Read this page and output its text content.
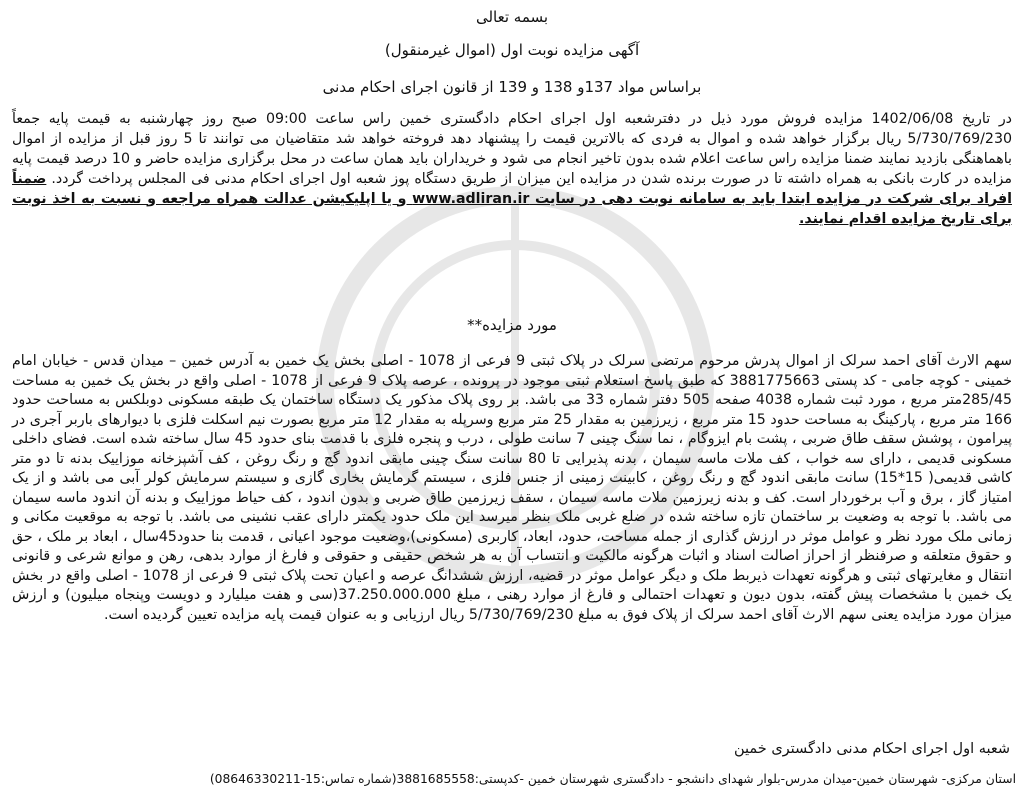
بسمه تعالی
آگهی مزایده نوبت اول (اموال غیرمنقول)
براساس مواد 137و 138 و 139 از قانون اجرای احکام مدنی
در تاریخ 1402/06/08 مزایده فروش مورد ذیل در دفترشعبه اول اجرای احکام دادگستری خمین راس ساعت 09:00 صبح روز چهارشنبه به قیمت پایه جمعاً 5/730/769/230 ریال برگزار خواهد شده و اموال به فردی که بالاترین قیمت را پیشنهاد دهد فروخته خواهد شد متقاضیان می توانند تا 5 روز قبل از مزایده از اموال باهماهنگی بازدید نمایند ضمنا مزایده راس ساعت اعلام شده بدون تاخیر انجام می شود و خریداران باید همان ساعت در محل برگزاری مزایده حاضر و 10 درصد قیمت پایه مزایده در کارت بانکی به همراه داشته تا در صورت برنده شدن در مزایده این میزان از طریق دستگاه پوز شعبه اول اجرای احکام مدنی فی المجلس پرداخت گردد. ضمناً افراد برای شرکت در مزایده ابتدا باید به سامانه نوبت دهی در سایت www.adliran.ir و یا اپلیکیشن عدالت همراه مراجعه و نسبت به اخذ نوبت برای تاریخ مزایده اقدام نمایند.
مورد مزایده**
سهم الارث آقای احمد سرلک از اموال پدرش مرحوم مرتضی سرلک در پلاک ثبتی 9 فرعی از 1078 - اصلی بخش یک خمین به آدرس خمین – میدان قدس - خیابان امام خمینی - کوچه جامی - کد پستی 3881775663 که طبق پاسخ استعلام ثبتی موجود در پرونده ، عرصه پلاک 9 فرعی از 1078 - اصلی واقع در بخش یک خمین به مساحت 285/45متر مربع ، مورد ثبت شماره 4038 صفحه 505 دفتر شماره 33 می باشد. بر روی پلاک مذکور یک دستگاه ساختمان یک طبقه مسکونی دوبلکس به مساحت حدود 166 متر مربع ، پارکینگ به مساحت حدود 15 متر مربع ، زیرزمین به مقدار 25 متر مربع وسرپله به مقدار 12 متر مربع بصورت نیم اسکلت فلزی با دیوارهای باربر آجری در پیرامون ، پوشش سقف طاق ضربی ، پشت بام ایزوگام ، نما سنگ چینی 7 سانت طولی ، درب و پنجره فلزی با قدمت بنای حدود 45 سال ساخته شده است. فضای داخلی مسکونی قدیمی ، دارای سه خواب ، کف ملات ماسه سیمان ، بدنه پذیرایی تا 80 سانت سنگ چینی مابقی اندود گچ و رنگ روغن ، کف آشپزخانه موزاییک بدنه تا دو متر کاشی قدیمی( 15*15) سانت مابقی اندود گچ و رنگ روغن ، کابینت زمینی از جنس فلزی ، سیستم گرمایش بخاری گازی و سیستم سرمایش کولر آبی می باشد و از یک امتیاز گاز ، برق و آب برخوردار است. کف و بدنه زیرزمین ملات ماسه سیمان ، سقف زیرزمین طاق ضربی و بدون اندود ، کف حیاط موزاییک و بدنه آن اندود ماسه سیمان می باشد. با توجه به وضعیت بر ساختمان تازه ساخته شده در ضلع غربی ملک بنظر میرسد این ملک حدود یکمتر دارای عقب نشینی می باشد. با توجه به موقعیت مکانی و زمانی ملک مورد نظر و عوامل موثر در ارزش گذاری از جمله مساحت، حدود، ابعاد، کاربری (مسکونی)،وضعیت موجود اعیانی ، قدمت بنا حدود45سال ، ابعاد بر ملک ، حق و حقوق متعلقه و صرفنظر از احراز اصالت اسناد و اثبات هرگونه مالکیت و انتساب آن به هر شخص حقیقی و حقوقی و فارغ از موارد بدهی، رهن و موانع شرعی و قانونی انتقال و مغایرتهای ثبتی و هرگونه تعهدات ذیربط ملک و دیگر عوامل موثر در قضیه، ارزش ششدانگ عرصه و اعیان تحت پلاک ثبتی 9 فرعی از 1078 - اصلی واقع در بخش یک خمین با مشخصات پیش گفته، بدون دیون و تعهدات احتمالی و فارغ از موارد رهنی ، مبلغ 37.250.000.000(سی و هفت میلیارد و دویست وپنجاه میلیون) و ارزش میزان مورد مزایده یعنی سهم الارث آقای احمد سرلک از پلاک فوق به مبلغ 5/730/769/230 ریال ارزیابی و به عنوان قیمت پایه مزایده تعیین گردیده است.
شعبه اول اجرای احکام مدنی دادگستری خمین
استان مرکزی- شهرستان خمین-میدان مدرس-بلوار شهدای دانشجو - دادگستری شهرستان خمین -کدپستی:3881685558(شماره تماس:15-08646330211)
